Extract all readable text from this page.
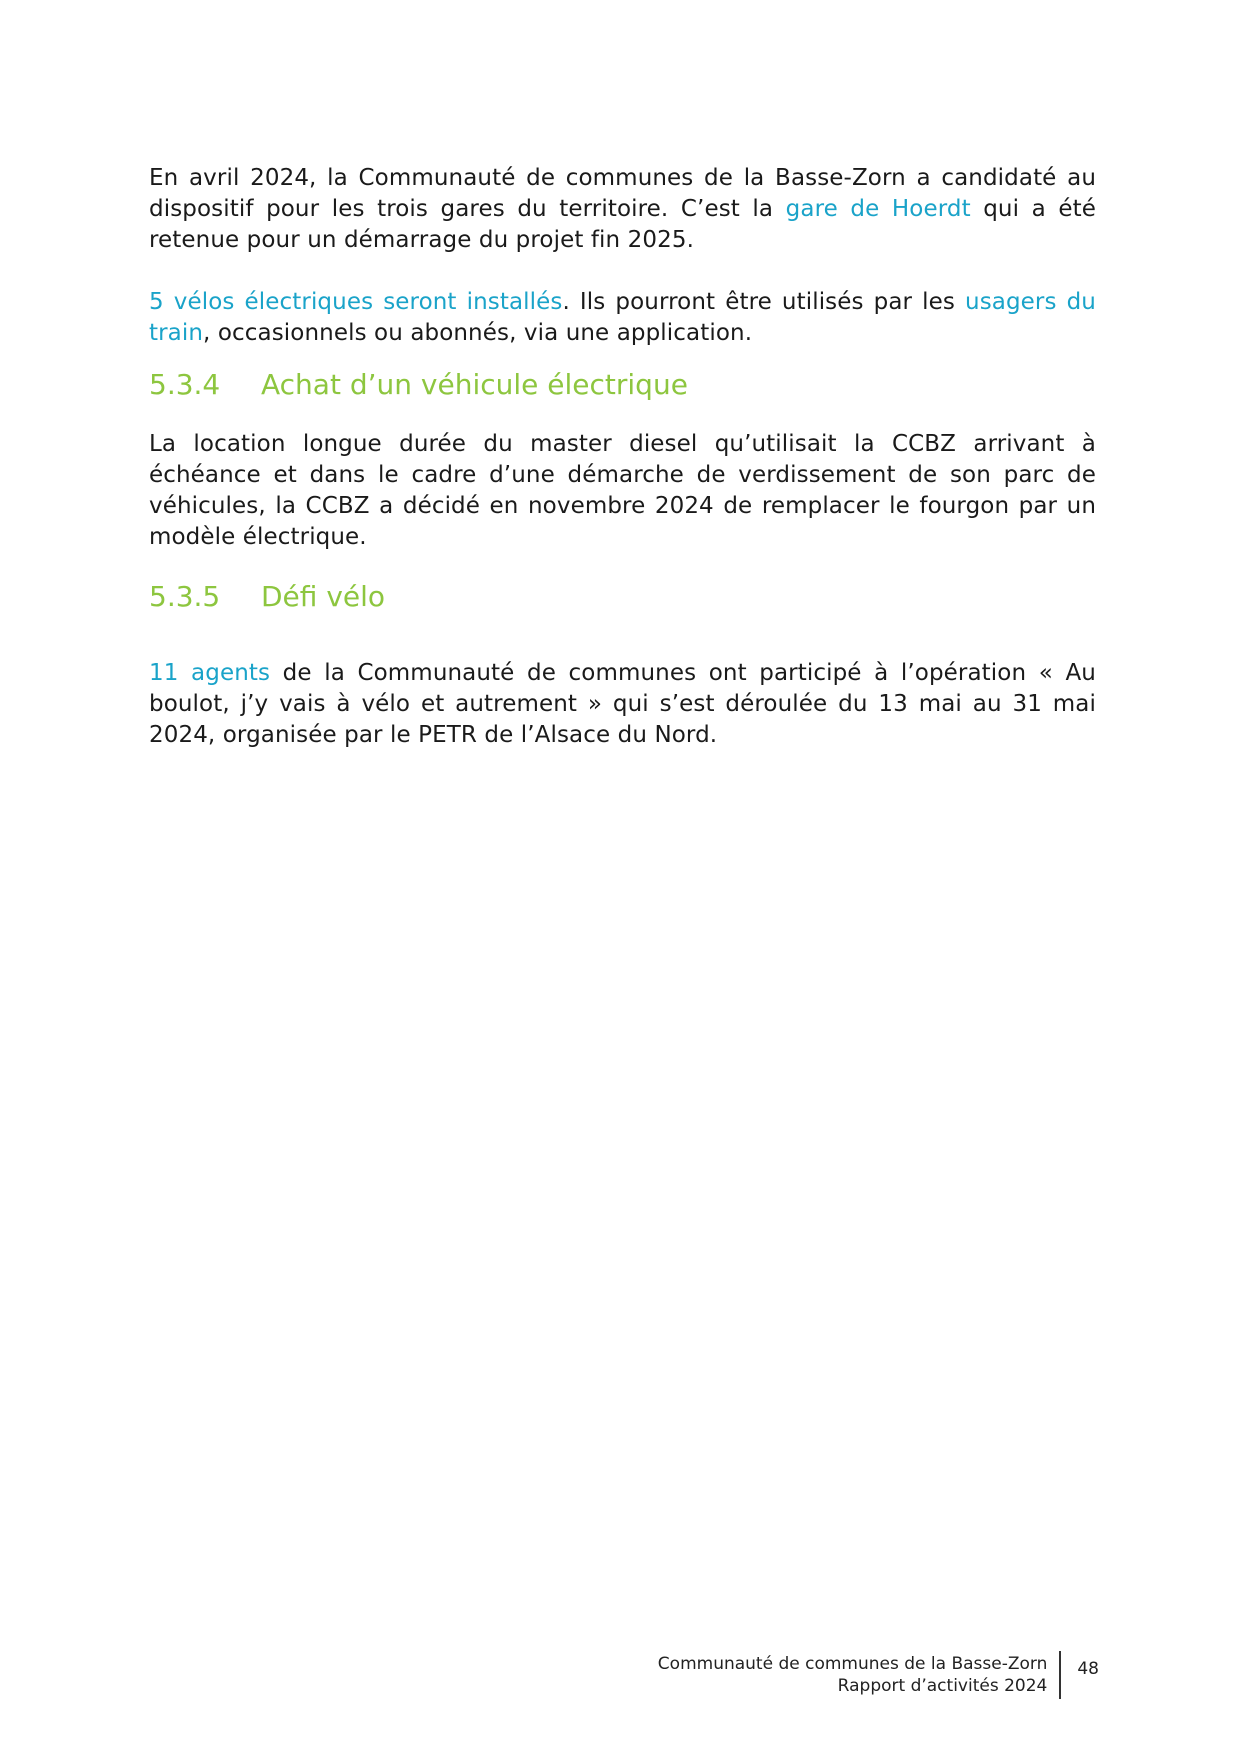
En avril 2024, la Communauté de communes de la Basse-Zorn a candidaté au dispositif pour les trois gares du territoire. C’est la gare de Hoerdt qui a été retenue pour un démarrage du projet fin 2025.

5 vélos électriques seront installés. Ils pourront être utilisés par les usagers du train, occasionnels ou abonnés, via une application.

5.3.4	Achat d’un véhicule électrique

La location longue durée du master diesel qu’utilisait la CCBZ arrivant à échéance et dans le cadre d’une démarche de verdissement de son parc de véhicules, la CCBZ a décidé en novembre 2024 de remplacer le fourgon par un modèle électrique.

5.3.5	Défi vélo

11 agents de la Communauté de communes ont participé à l’opération « Au boulot, j’y vais à vélo et autrement » qui s’est déroulée du 13 mai au 31 mai 2024, organisée par le PETR de l’Alsace du Nord.

Communauté de communes de la Basse-Zorn
Rapport d’activités 2024
48
